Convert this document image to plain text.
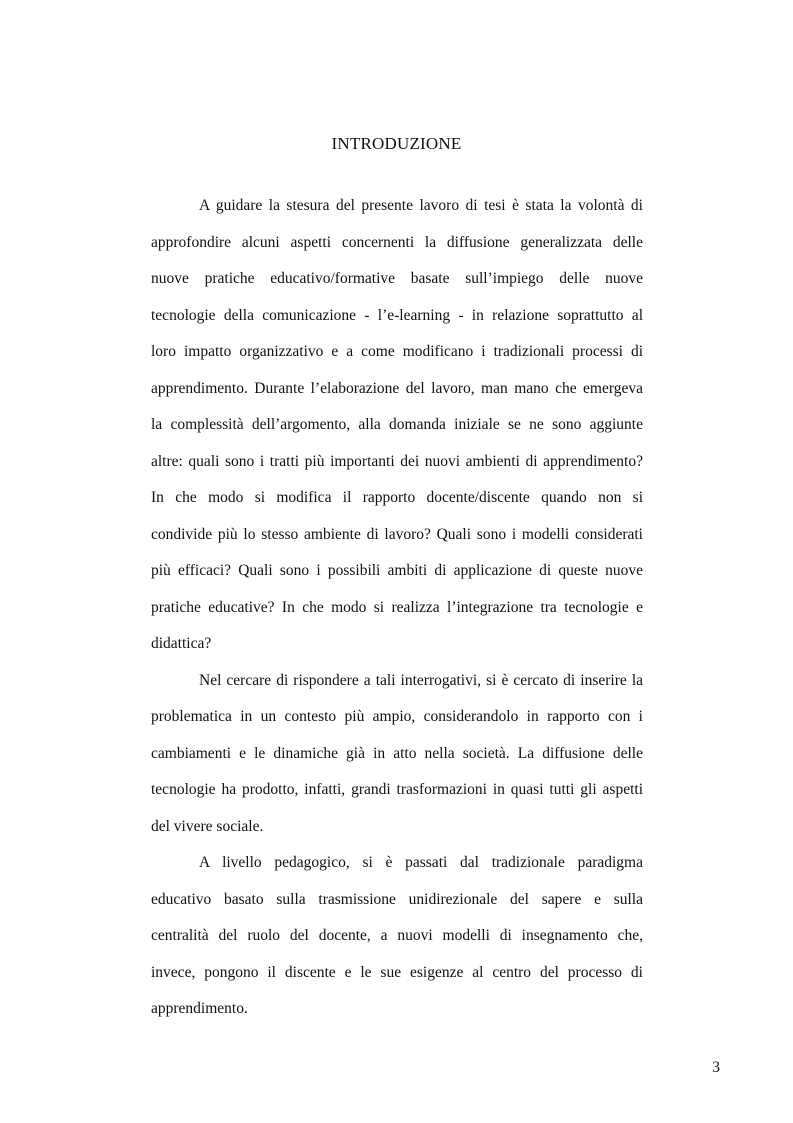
INTRODUZIONE
A guidare la stesura del presente lavoro di tesi è stata la volontà di
approfondire alcuni aspetti concernenti la diffusione generalizzata delle
nuove pratiche educativo/formative basate sull’impiego delle nuove
tecnologie della comunicazione - l’e-learning - in relazione soprattutto al
loro impatto organizzativo e a come modificano i tradizionali processi di
apprendimento. Durante l’elaborazione del lavoro, man mano che emergeva
la complessità dell’argomento, alla domanda iniziale se ne sono aggiunte
altre: quali sono i tratti più importanti dei nuovi ambienti di apprendimento?
In che modo si modifica il rapporto docente/discente quando non si
condivide più lo stesso ambiente di lavoro? Quali sono i modelli considerati
più efficaci? Quali sono i possibili ambiti di applicazione di queste nuove
pratiche educative? In che modo si realizza l’integrazione tra tecnologie e
didattica?
Nel cercare di rispondere a tali interrogativi, si è cercato di inserire la
problematica in un contesto più ampio, considerandolo in rapporto con i
cambiamenti e le dinamiche già in atto nella società. La diffusione delle
tecnologie ha prodotto, infatti, grandi trasformazioni in quasi tutti gli aspetti
del vivere sociale.
A livello pedagogico, si è passati dal tradizionale paradigma
educativo basato sulla trasmissione unidirezionale del sapere e sulla
centralità del ruolo del docente, a nuovi modelli di insegnamento che,
invece, pongono il discente e le sue esigenze al centro del processo di
apprendimento.
3
